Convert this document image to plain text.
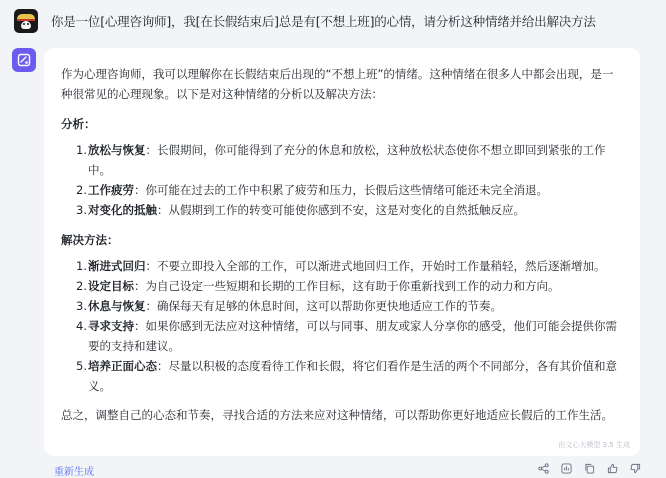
你是一位[心理咨询师]，我[在长假结束后]总是有[不想上班]的心情，请分析这种情绪并给出解决方法

作为心理咨询师，我可以理解你在长假结束后出现的“不想上班”的情绪。这种情绪在很多人中都会出现，是一种很常见的心理现象。以下是对这种情绪的分析以及解决方法：

分析：

1. 放松与恢复：长假期间，你可能得到了充分的休息和放松，这种放松状态使你不想立即回到紧张的工作中。
2. 工作疲劳：你可能在过去的工作中积累了疲劳和压力，长假后这些情绪可能还未完全消退。
3. 对变化的抵触：从假期到工作的转变可能使你感到不安，这是对变化的自然抵触反应。

解决方法：

1. 渐进式回归：不要立即投入全部的工作，可以渐进式地回归工作，开始时工作量稍轻，然后逐渐增加。
2. 设定目标：为自己设定一些短期和长期的工作目标，这有助于你重新找到工作的动力和方向。
3. 休息与恢复：确保每天有足够的休息时间，这可以帮助你更快地适应工作的节奏。
4. 寻求支持：如果你感到无法应对这种情绪，可以与同事、朋友或家人分享你的感受，他们可能会提供你需要的支持和建议。
5. 培养正面心态：尽量以积极的态度看待工作和长假，将它们看作是生活的两个不同部分，各有其价值和意义。

总之，调整自己的心态和节奏，寻找合适的方法来应对这种情绪，可以帮助你更好地适应长假后的工作生活。

由文心大模型 3.5 生成
重新生成
